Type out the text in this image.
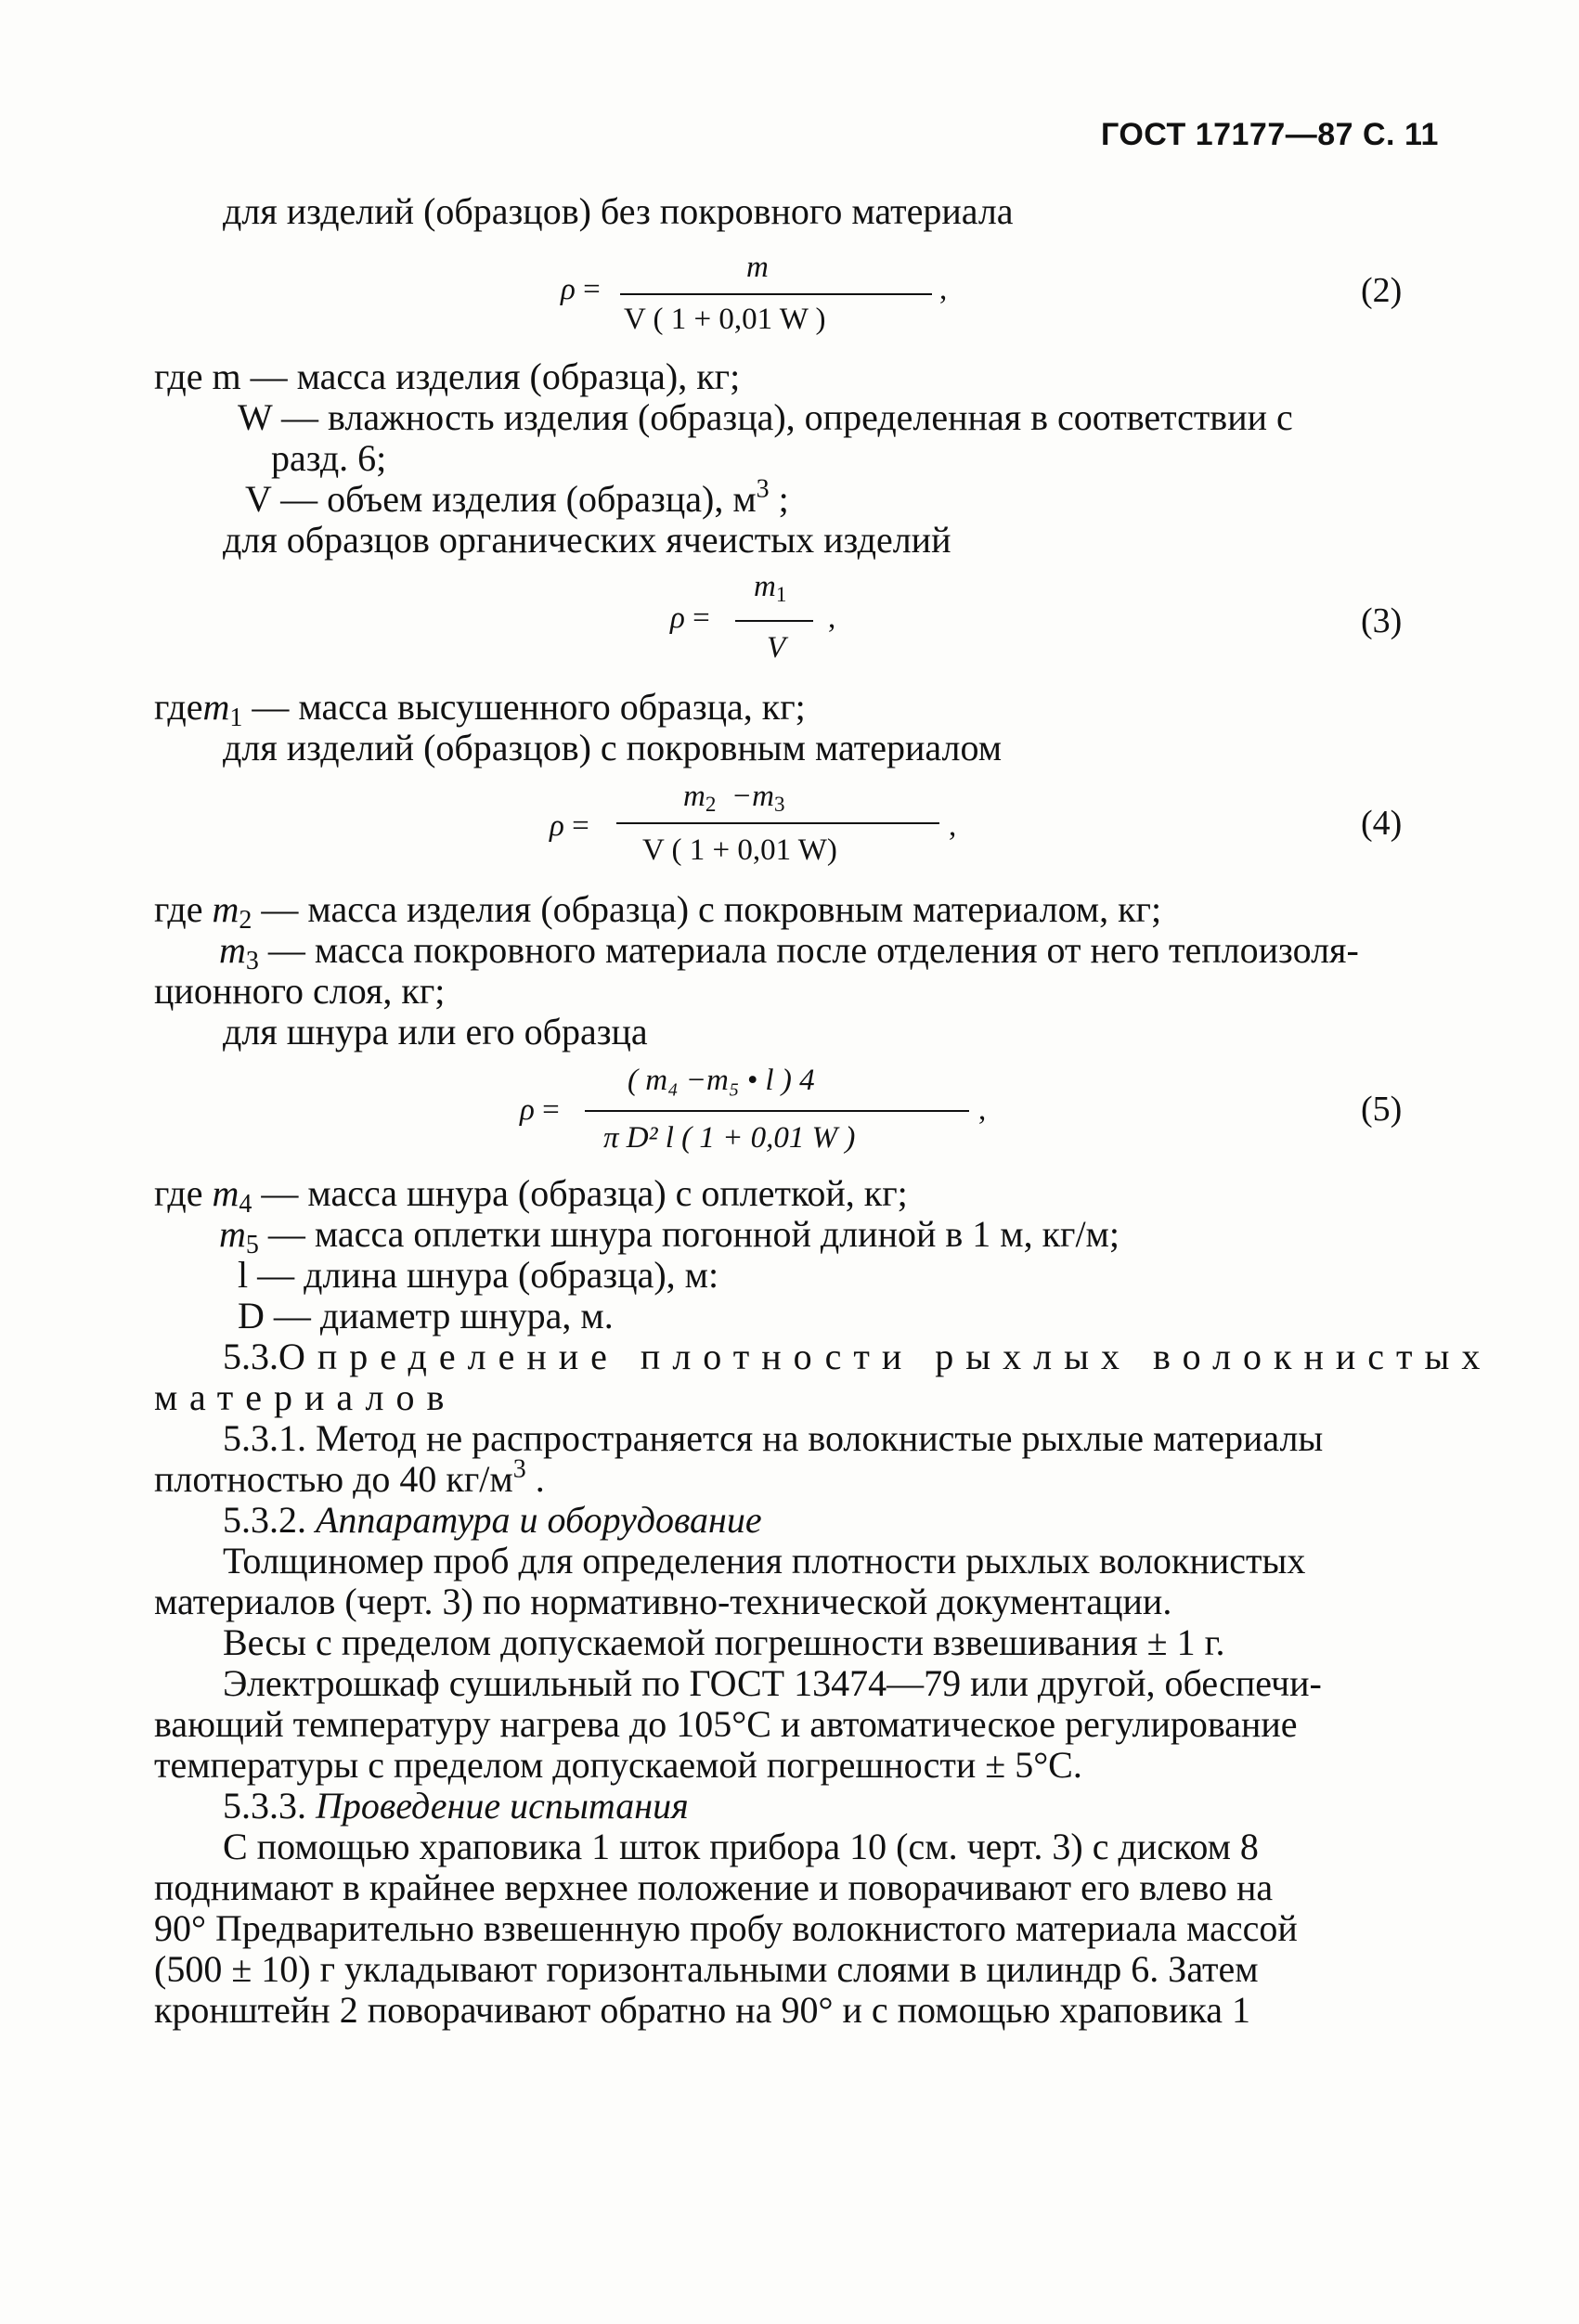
ГОСТ 17177—87 С. 11
для изделий (образцов) без покровного материала
ρ =
m
V ( 1 + 0,01 W )
,	(2)
где m — масса изделия (образца), кг;
W — влажность изделия (образца), определенная в соответствии с
разд. 6;
V — объем изделия (образца), $м^3$ ;
для образцов органических ячеистых изделий
ρ =
$m_1$
V
,	(3)
гдеm$_1$ — масса высушенного образца, кг;
для изделий (образцов) с покровным материалом
ρ =
$m_2 -m_3$
V ( 1 + 0,01 W)
,	(4)
где $m_2$ — масса изделия (образца) с покровным материалом, кг;
$m_3$ — масса покровного материала после отделения от него теплоизоля-
ционного слоя, кг;
для шнура или его образца
ρ =
( m₄ −m₅ • l ) 4
π D² l ( 1 + 0,01 W )
,	(5)
где $m_4$ — масса шнура (образца) с оплеткой, кг;
$m_5$ — масса оплетки шнура погонной длиной в 1 м, кг/м;
l — длина шнура (образца), м:
D — диаметр шнура, м.
5.3.Определение плотности рыхлых волокнистых
материалов
5.3.1. Метод не распространяется на волокнистые рыхлые материалы
плотностью до 40 $кг/м^3$ .
5.3.2. Аппаратура и оборудование
Толщиномер проб для определения плотности рыхлых волокнистых
материалов (черт. 3) по нормативно-технической документации.
Весы с пределом допускаемой погрешности взвешивания ± 1 г.
Электрошкаф сушильный по ГОСТ 13474—79 или другой, обеспечи-
вающий температуру нагрева до 105°С и автоматическое регулирование
температуры с пределом допускаемой погрешности ± 5°С.
5.3.3. Проведение испытания
С помощью храповика 1 шток прибора 10 (см. черт. 3) с диском 8
поднимают в крайнее верхнее положение и поворачивают его влево на
90° Предварительно взвешенную пробу волокнистого материала массой
(500 ± 10) г укладывают горизонтальными слоями в цилиндр 6. Затем
кронштейн 2 поворачивают обратно на 90° и с помощью храповика 1
